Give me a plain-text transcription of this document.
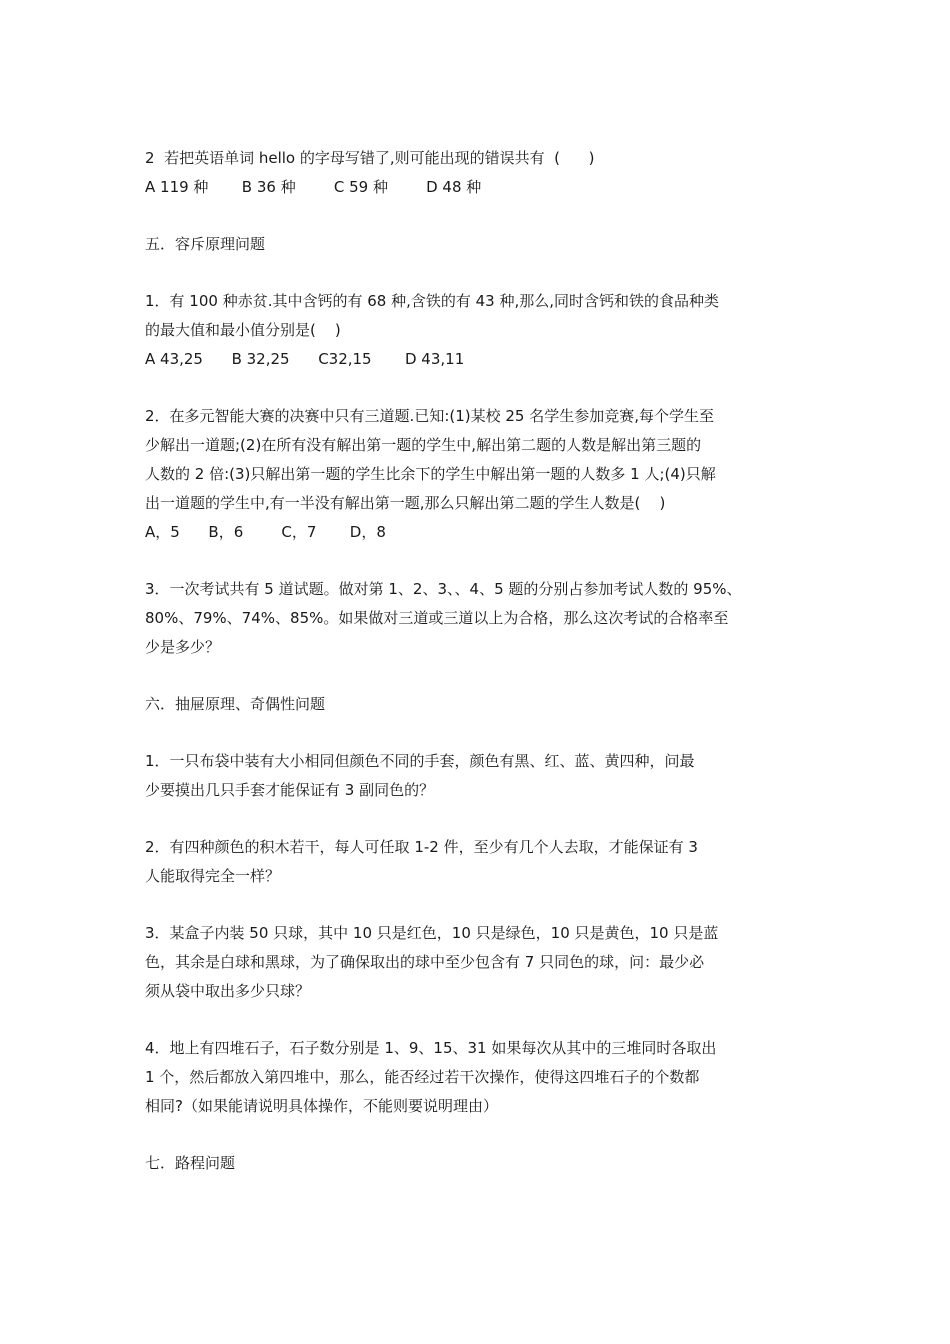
2  若把英语单词 hello 的字母写错了,则可能出现的错误共有  (      )
A 119 种       B 36 种        C 59 种        D 48 种
五．容斥原理问题
1．有 100 种赤贫.其中含钙的有 68 种,含铁的有 43 种,那么,同时含钙和铁的食品种类
的最大值和最小值分别是(    )
A 43,25      B 32,25      C32,15       D 43,11
2．在多元智能大赛的决赛中只有三道题.已知:(1)某校 25 名学生参加竞赛,每个学生至
少解出一道题;(2)在所有没有解出第一题的学生中,解出第二题的人数是解出第三题的
人数的 2 倍:(3)只解出第一题的学生比余下的学生中解出第一题的人数多 1 人;(4)只解
出一道题的学生中,有一半没有解出第一题,那么只解出第二题的学生人数是(    )
A，5      B，6        C，7       D，8
3．一次考试共有 5 道试题。做对第 1、2、3、、4、5 题的分别占参加考试人数的 95%、
80%、79%、74%、85%。如果做对三道或三道以上为合格，那么这次考试的合格率至
少是多少？
六．抽屉原理、奇偶性问题
1．一只布袋中装有大小相同但颜色不同的手套，颜色有黑、红、蓝、黄四种，问最
少要摸出几只手套才能保证有 3 副同色的？
2．有四种颜色的积木若干，每人可任取 1-2 件，至少有几个人去取，才能保证有 3
人能取得完全一样？
3．某盒子内装 50 只球，其中 10 只是红色，10 只是绿色，10 只是黄色，10 只是蓝
色，其余是白球和黑球，为了确保取出的球中至少包含有 7 只同色的球，问：最少必
须从袋中取出多少只球？
4．地上有四堆石子，石子数分别是 1、9、15、31 如果每次从其中的三堆同时各取出
1 个，然后都放入第四堆中，那么，能否经过若干次操作，使得这四堆石子的个数都
相同?（如果能请说明具体操作，不能则要说明理由）
七．路程问题
